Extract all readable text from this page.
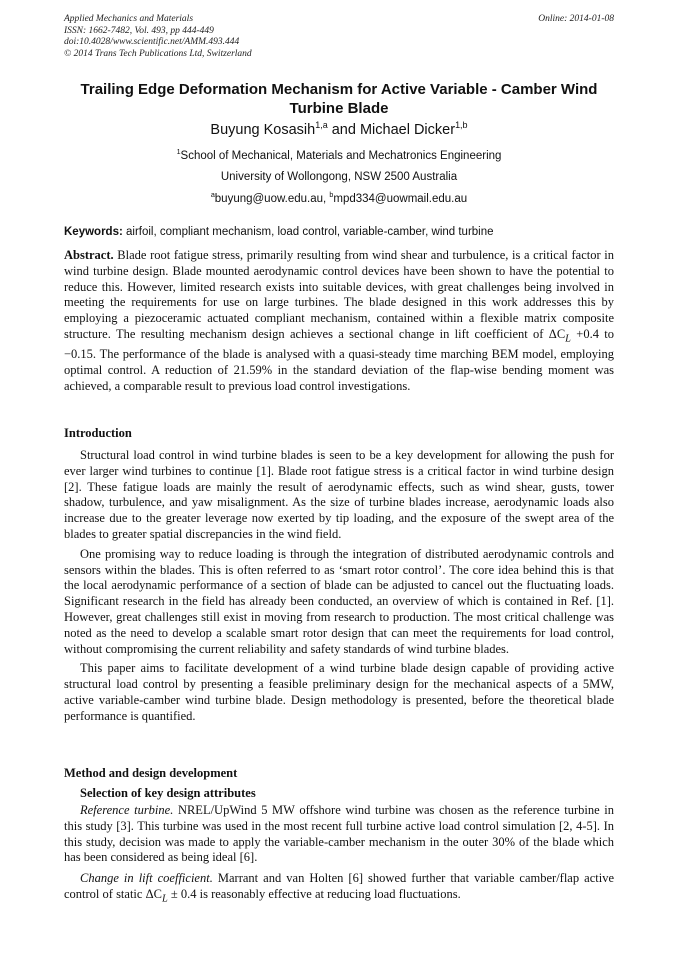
Applied Mechanics and Materials
ISSN: 1662-7482, Vol. 493, pp 444-449
doi:10.4028/www.scientific.net/AMM.493.444
© 2014 Trans Tech Publications Ltd, Switzerland
Online: 2014-01-08
Trailing Edge Deformation Mechanism for Active Variable - Camber Wind
Turbine Blade
Buyung Kosasih$^{1,a}$ and Michael Dicker$^{1,b}$
$^1$School of Mechanical, Materials and Mechatronics Engineering
University of Wollongong, NSW 2500 Australia
$^a$buyung@uow.edu.au, $^b$mpd334@uowmail.edu.au
Keywords: airfoil, compliant mechanism, load control, variable-camber, wind turbine

Abstract. Blade root fatigue stress, primarily resulting from wind shear and turbulence, is a critical factor in wind turbine design. Blade mounted aerodynamic control devices have been shown to have the potential to reduce this. However, limited research exists into suitable devices, with great challenges being involved in meeting the requirements for use on large turbines. The blade designed in this work addresses this by employing a piezoceramic actuated compliant mechanism, contained within a flexible matrix composite structure. The resulting mechanism design achieves a sectional change in lift coefficient of $\Delta C_L +0.4$ to −0.15. The performance of the blade is analysed with a quasi-steady time marching BEM model, employing optimal control. A reduction of 21.59% in the standard deviation of the flap-wise bending moment was achieved, a comparable result to previous load control investigations.

Introduction

Structural load control in wind turbine blades is seen to be a key development for allowing the push for ever larger wind turbines to continue [1]. Blade root fatigue stress is a critical factor in wind turbine design [2]. These fatigue loads are mainly the result of aerodynamic effects, such as wind shear, gusts, tower shadow, turbulence, and yaw misalignment. As the size of turbine blades increase, aerodynamic loads also increase due to the greater leverage now exerted by tip loading, and the exposure of the swept area of the blades to greater spatial discrepancies in the wind field.

One promising way to reduce loading is through the integration of distributed aerodynamic controls and sensors within the blades. This is often referred to as ‘smart rotor control’. The core idea behind this is that the local aerodynamic performance of a section of blade can be adjusted to cancel out the fluctuating loads. Significant research in the field has already been conducted, an overview of which is contained in Ref. [1]. However, great challenges still exist in moving from research to production. The most critical challenge was noted as the need to develop a scalable smart rotor design that can meet the requirements for load control, without compromising the current reliability and safety standards of wind turbine blades.

This paper aims to facilitate development of a wind turbine blade design capable of providing active structural load control by presenting a feasible preliminary design for the mechanical aspects of a 5MW, active variable-camber wind turbine blade. Design methodology is presented, before the theoretical blade performance is quantified.

Method and design development
Selection of key design attributes

Reference turbine. NREL/UpWind 5 MW offshore wind turbine was chosen as the reference turbine in this study [3]. This turbine was used in the most recent full turbine active load control simulation [2, 4-5]. In this study, decision was made to apply the variable-camber mechanism in the outer 30% of the blade which has been considered as being ideal [6].

Change in lift coefficient. Marrant and van Holten [6] showed further that variable camber/flap active control of static $\Delta C_L \pm 0.4$ is reasonably effective at reducing load fluctuations.
